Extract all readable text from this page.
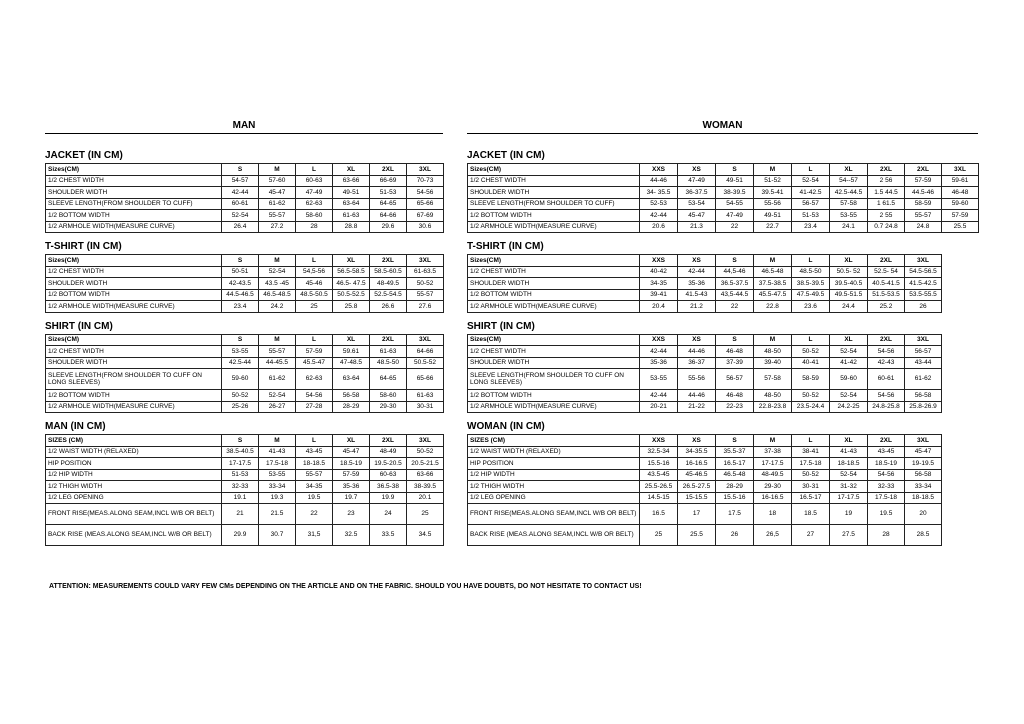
MAN
JACKET (IN CM)
Sizes(CM)	S	M	L	XL	2XL	3XL
1/2 CHEST WIDTH	54-57	57-60	60-63	63-66	66-69	70-73
SHOULDER WIDTH	42-44	45-47	47-49	49-51	51-53	54-56
SLEEVE LENGTH(FROM SHOULDER TO CUFF)	60-61	61-62	62-63	63-64	64-65	65-66
1/2 BOTTOM WIDTH	52-54	55-57	58-60	61-63	64-66	67-69
1/2 ARMHOLE WIDTH(MEASURE CURVE)	26.4	27.2	28	28.8	29.6	30.6
T-SHIRT (IN CM)
Sizes(CM)	S	M	L	XL	2XL	3XL
1/2 CHEST WIDTH	50-51	52-54	54,5-56	56.5-58.5	58.5-60.5	61-63.5
SHOULDER WIDTH	42-43.5	43.5 -45	45-46	46.5- 47.5	48-49.5	50-52
1/2 BOTTOM WIDTH	44.5-46.5	46.5-48.5	48.5-50.5	50.5-52.5	52.5-54.5	55-57
1/2 ARMHOLE WIDTH(MEASURE CURVE)	23.4	24.2	25	25.8	26.6	27.6
SHIRT (IN CM)
Sizes(CM)	S	M	L	XL	2XL	3XL
1/2 CHEST WIDTH	53-55	55-57	57-59	59.61	61-63	64-66
SHOULDER WIDTH	42.5-44	44-45.5	45.5-47	47-48.5	48.5-50	50.5-52
SLEEVE LENGTH(FROM SHOULDER TO CUFF ON LONG SLEEVES)	59-60	61-62	62-63	63-64	64-65	65-66
1/2 BOTTOM WIDTH	50-52	52-54	54-56	56-58	58-60	61-63
1/2 ARMHOLE WIDTH(MEASURE CURVE)	25-26	26-27	27-28	28-29	29-30	30-31
MAN (IN CM)
SIZES (CM)	S	M	L	XL	2XL	3XL
1/2 WAIST WIDTH (RELAXED)	38.5-40.5	41-43	43-45	45-47	48-49	50-52
HIP POSITION	17-17.5	17.5-18	18-18.5	18.5-19	19.5-20.5	20.5-21.5
1/2 HIP WIDTH	51-53	53-55	55-57	57-59	60-63	63-66
1/2 THIGH WIDTH	32-33	33-34	34-35	35-36	36.5-38	38-39.5
1/2 LEG OPENING	19.1	19.3	19.5	19.7	19.9	20.1
FRONT RISE(MEAS.ALONG SEAM,INCL W/B OR BELT)	21	21.5	22	23	24	25
BACK RISE (MEAS.ALONG SEAM,INCL W/B OR BELT)	29.9	30.7	31,5	32.5	33.5	34.5
WOMAN
JACKET (IN CM)
Sizes(CM)	XXS	XS	S	M	L	XL	2XL	2XL	3XL
1/2 CHEST WIDTH	44-46	47-49	49-51	51-52	52-54	54--57	2 56	57-59	59-61
SHOULDER WIDTH	34- 35.5	36-37.5	38-39.5	39.5-41	41-42.5	42.5-44.5	1.5 44.5	44.5-46	46-48
SLEEVE LENGTH(FROM SHOULDER TO CUFF)	52-53	53-54	54-55	55-56	56-57	57-58	1 61.5	58-59	59-60
1/2 BOTTOM WIDTH	42-44	45-47	47-49	49-51	51-53	53-55	2 55	55-57	57-59
1/2 ARMHOLE WIDTH(MEASURE CURVE)	20.6	21.3	22	22.7	23.4	24.1	0.7 24.8	24.8	25.5
T-SHIRT (IN CM)
Sizes(CM)	XXS	XS	S	M	L	XL	2XL	3XL
1/2 CHEST WIDTH	40-42	42-44	44,5-46	46.5-48	48.5-50	50.5- 52	52.5- 54	54.5-56.5
SHOULDER WIDTH	34-35	35-36	36.5-37.5	37.5-38.5	38.5-39.5	39.5-40.5	40.5-41.5	41.5-42.5
1/2 BOTTOM WIDTH	39-41	41.5-43	43,5-44.5	45.5-47.5	47.5-49.5	49.5-51.5	51.5-53.5	53.5-55.5
1/2 ARMHOLE WIDTH(MEASURE CURVE)	20.4	21.2	22	22.8	23.6	24.4	25.2	26
SHIRT (IN CM)
Sizes(CM)	XXS	XS	S	M	L	XL	2XL	3XL
1/2 CHEST WIDTH	42-44	44-46	46-48	48-50	50-52	52-54	54-56	56-57
SHOULDER WIDTH	35-36	36-37	37-39	39-40	40-41	41-42	42-43	43-44
SLEEVE LENGTH(FROM SHOULDER TO CUFF ON LONG SLEEVES)	53-55	55-56	56-57	57-58	58-59	59-60	60-61	61-62
1/2 BOTTOM WIDTH	42-44	44-46	46-48	48-50	50-52	52-54	54-56	56-58
1/2 ARMHOLE WIDTH(MEASURE CURVE)	20-21	21-22	22-23	22.8-23.8	23.5-24.4	24.2-25	24.8-25.8	25.8-26.9
WOMAN (IN CM)
SIZES (CM)	XXS	XS	S	M	L	XL	2XL	3XL
1/2 WAIST WIDTH (RELAXED)	32.5-34	34-35.5	35.5-37	37-38	38-41	41-43	43-45	45-47
HIP POSITION	15.5-16	16-16.5	16.5-17	17-17.5	17.5-18	18-18.5	18.5-19	19-19.5
1/2 HIP WIDTH	43.5-45	45-46.5	46.5-48	48-49.5	50-52	52-54	54-56	56-58
1/2 THIGH WIDTH	25.5-26.5	26.5-27.5	28-29	29-30	30-31	31-32	32-33	33-34
1/2 LEG OPENING	14.5-15	15-15.5	15.5-16	16-16.5	16.5-17	17-17.5	17.5-18	18-18.5
FRONT RISE(MEAS.ALONG SEAM,INCL W/B OR BELT)	16.5	17	17.5	18	18.5	19	19.5	20
BACK RISE (MEAS.ALONG SEAM,INCL W/B OR BELT)	25	25.5	26	26,5	27	27.5	28	28.5
ATTENTION: MEASUREMENTS COULD VARY FEW CMs DEPENDING ON THE ARTICLE AND ON THE FABRIC. SHOULD YOU HAVE DOUBTS, DO NOT HESITATE TO CONTACT US!
